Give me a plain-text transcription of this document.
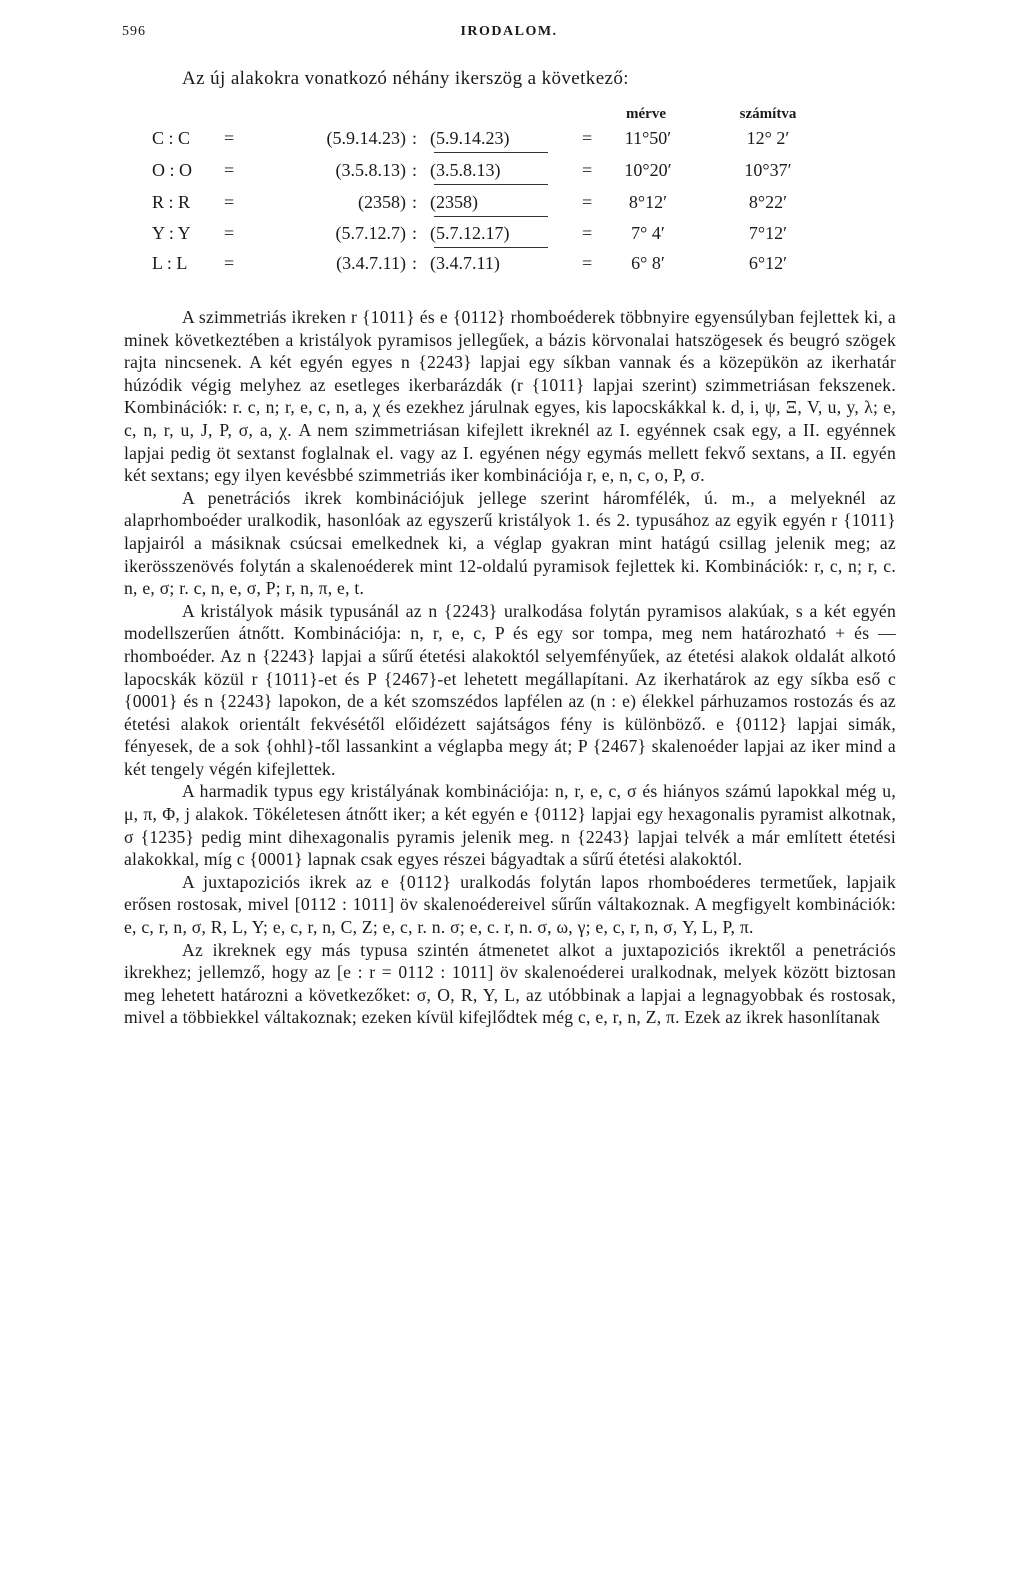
596	IRODALOM.
Az új alakokra vonatkozó néhány ikerszög a következő:
mérve	számítva
C : C	=	(5.9.14.23) : (5.9.14.23)	=	11°50′	12° 2′
O : O	=	(3.5.8.13) : (3.5.8.13)	=	10°20′	10°37′
R : R	=	(2358) : (2358)	=	8°12′	8°22′
Y : Y	=	(5.7.12.7) : (5.7.12.17)	=	7° 4′	7°12′
L : L	=	(3.4.7.11) : (3.4.7.11)	=	6° 8′	6°12′

A szimmetriás ikreken r {1011} és e {0112} rhomboéderek többnyire egyensúlyban fejlettek ki, a minek következtében a kristályok pyramisos jellegűek, a bázis körvonalai hatszögesek és beugró szögek rajta nincsenek. A két egyén egyes n {2243} lapjai egy síkban vannak és a közepükön az ikerhatár húzódik végig melyhez az esetleges ikerbarázdák (r {1011} lapjai szerint) szimmetriásan fekszenek. Kombinációk: r. c, n; r, e, c, n, a, χ és ezekhez járulnak egyes, kis lapocskákkal k. d, i, ψ, Ξ, V, u, y, λ; e, c, n, r, u, J, P, σ, a, χ. A nem szimmetriásan kifejlett ikreknél az I. egyénnek csak egy, a II. egyénnek lapjai pedig öt sextanst foglalnak el. vagy az I. egyénen négy egymás mellett fekvő sextans, a II. egyén két sextans; egy ilyen kevésbbé szimmetriás iker kombinációja r, e, n, c, o, P, σ.

A penetrációs ikrek kombinációjuk jellege szerint háromfélék, ú. m., a melyeknél az alaprhomboéder uralkodik, hasonlóak az egyszerű kristályok 1. és 2. typusához az egyik egyén r {1011} lapjairól a másiknak csúcsai emelkednek ki, a véglap gyakran mint hatágú csillag jelenik meg; az ikerösszenövés folytán a skalenoéderek mint 12-oldalú pyramisok fejlettek ki. Kombinációk: r, c, n; r, c. n, e, σ; r. c, n, e, σ, P; r, n, π, e, t.

A kristályok másik typusánál az n {2243} uralkodása folytán pyramisos alakúak, s a két egyén modellszerűen átnőtt. Kombinációja: n, r, e, c, P és egy sor tompa, meg nem határozható + és — rhomboéder. Az n {2243} lapjai a sűrű étetési alakoktól selyemfényűek, az étetési alakok oldalát alkotó lapocskák közül r {1011}-et és P {2467}-et lehetett megállapítani. Az ikerhatárok az egy síkba eső c {0001} és n {2243} lapokon, de a két szomszédos lapfélen az (n : e) élekkel párhuzamos rostozás és az étetési alakok orientált fekvésétől előidézett sajátságos fény is különböző. e {0112} lapjai simák, fényesek, de a sok {ohhl}-től lassankint a véglapba megy át; P {2467} skalenoéder lapjai az iker mind a két tengely végén kifejlettek.

A harmadik typus egy kristályának kombinációja: n, r, e, c, σ és hiányos számú lapokkal még u, μ, π, Φ, j alakok. Tökéletesen átnőtt iker; a két egyén e {0112} lapjai egy hexagonalis pyramist alkotnak, σ {1235} pedig mint dihexagonalis pyramis jelenik meg. n {2243} lapjai telvék a már említett étetési alakokkal, míg c {0001} lapnak csak egyes részei bágyadtak a sűrű étetési alakoktól.

A juxtapoziciós ikrek az e {0112} uralkodás folytán lapos rhomboéderes termetűek, lapjaik erősen rostosak, mivel [0112 : 1011] öv skalenoédereivel sűrűn váltakoznak. A megfigyelt kombinációk: e, c, r, n, σ, R, L, Y; e, c, r, n, C, Z; e, c, r. n. σ; e, c. r, n. σ, ω, γ; e, c, r, n, σ, Y, L, P, π.

Az ikreknek egy más typusa szintén átmenetet alkot a juxtapoziciós ikrektől a penetrációs ikrekhez; jellemző, hogy az [e : r = 0112 : 1011] öv skalenoéderei uralkodnak, melyek között biztosan meg lehetett határozni a következőket: σ, O, R, Y, L, az utóbbinak a lapjai a legnagyobbak és rostosak, mivel a többiekkel váltakoznak; ezeken kívül kifejlődtek még c, e, r, n, Z, π. Ezek az ikrek hasonlítanak
